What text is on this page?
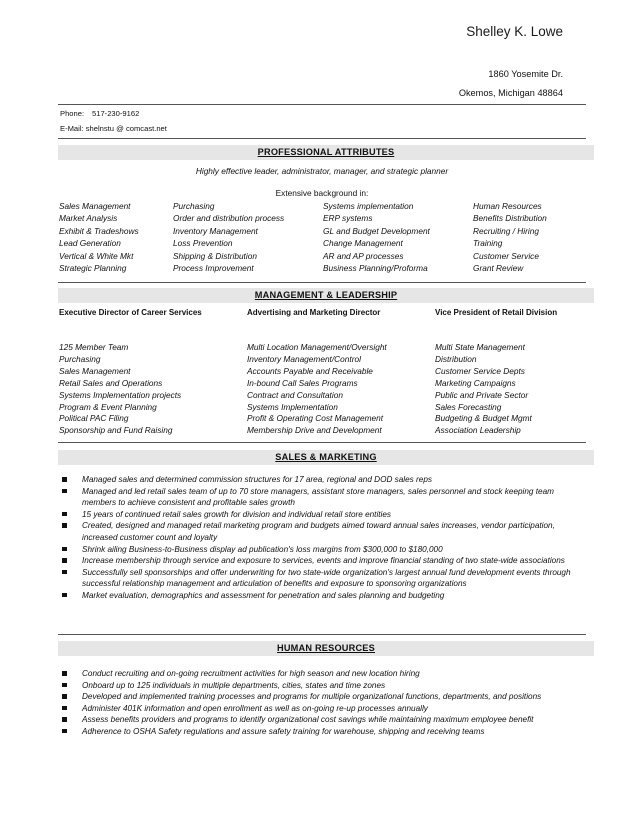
Shelley K. Lowe
1860 Yosemite Dr.
Okemos, Michigan 48864
Phone: 517-230-9162
E-Mail: shelnstu @ comcast.net
PROFESSIONAL ATTRIBUTES
Highly effective leader, administrator, manager, and strategic planner
Extensive background in:
Sales Management
Market Analysis
Exhibit & Tradeshows
Lead Generation
Vertical & White Mkt
Strategic Planning
Purchasing
Order and distribution process
Inventory Management
Loss Prevention
Shipping & Distribution
Process Improvement
Systems implementation
ERP systems
GL and Budget Development
Change Management
AR and AP processes
Business Planning/Proforma
Human Resources
Benefits Distribution
Recruiting / Hiring
Training
Customer Service
Grant Review
MANAGEMENT & LEADERSHIP
Executive Director of Career Services	Advertising and Marketing Director	Vice President of Retail Division
125 Member Team
Purchasing
Sales Management
Retail Sales and Operations
Systems Implementation projects
Program & Event Planning
Political PAC Filing
Sponsorship and Fund Raising
Multi Location Management/Oversight
Inventory Management/Control
Accounts Payable and Receivable
In-bound Call Sales Programs
Contract and Consultation
Systems Implementation
Profit & Operating Cost Management
Membership Drive and Development
Multi State Management
Distribution
Customer Service Depts
Marketing Campaigns
Public and Private Sector
Sales Forecasting
Budgeting & Budget Mgmt
Association Leadership
SALES & MARKETING
Managed sales and determined commission structures for 17 area, regional and DOD sales reps
Managed and led retail sales team of up to 70 store managers, assistant store managers, sales personnel and stock keeping team members to achieve consistent and profitable sales growth
15 years of continued retail sales growth for division and individual retail store entities
Created, designed and managed retail marketing program and budgets aimed toward annual sales increases, vendor participation, increased customer count and loyalty
Shrink ailing Business-to-Business display ad publication's loss margins from $300,000 to $180,000
Increase membership through service and exposure to services, events and improve financial standing of two state-wide associations
Successfully sell sponsorships and offer underwriting for two state-wide organization's largest annual fund development events through successful relationship management and articulation of benefits and exposure to sponsoring organizations
Market evaluation, demographics and assessment for penetration and sales planning and budgeting
HUMAN RESOURCES
Conduct recruiting and on-going recruitment activities for high season and new location hiring
Onboard up to 125 individuals in multiple departments, cities, states and time zones
Developed and implemented training processes and programs for multiple organizational functions, departments, and positions
Administer 401K information and open enrollment as well as on-going re-up processes annually
Assess benefits providers and programs to identify organizational cost savings while maintaining maximum employee benefit
Adherence to OSHA Safety regulations and assure safety training for warehouse, shipping and receiving teams
